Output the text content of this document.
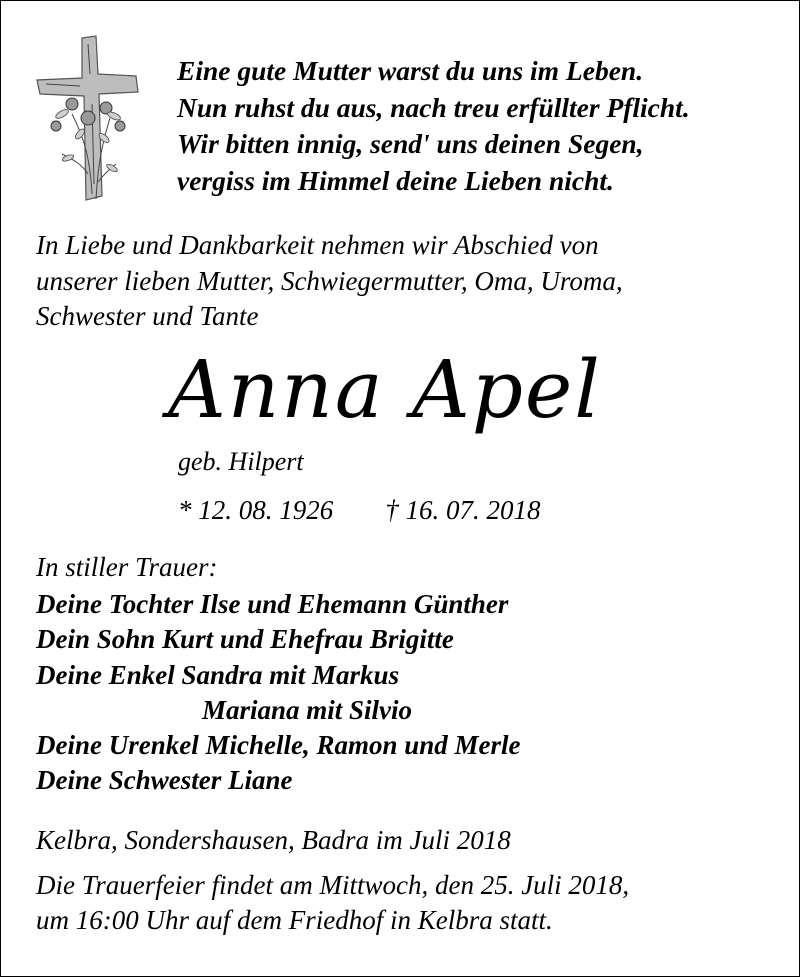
Eine gute Mutter warst du uns im Leben.
Nun ruhst du aus, nach treu erfüllter Pflicht.
Wir bitten innig, send' uns deinen Segen,
vergiss im Himmel deine Lieben nicht.
In Liebe und Dankbarkeit nehmen wir Abschied von
unserer lieben Mutter, Schwiegermutter, Oma, Uroma,
Schwester und Tante
Anna Apel
geb. Hilpert
* 12. 08. 1926 † 16. 07. 2018
In stiller Trauer:
Deine Tochter Ilse und Ehemann Günther
Dein Sohn Kurt und Ehefrau Brigitte
Deine Enkel Sandra mit Markus
Mariana mit Silvio
Deine Urenkel Michelle, Ramon und Merle
Deine Schwester Liane
Kelbra, Sondershausen, Badra im Juli 2018
Die Trauerfeier findet am Mittwoch, den 25. Juli 2018,
um 16:00 Uhr auf dem Friedhof in Kelbra statt.
